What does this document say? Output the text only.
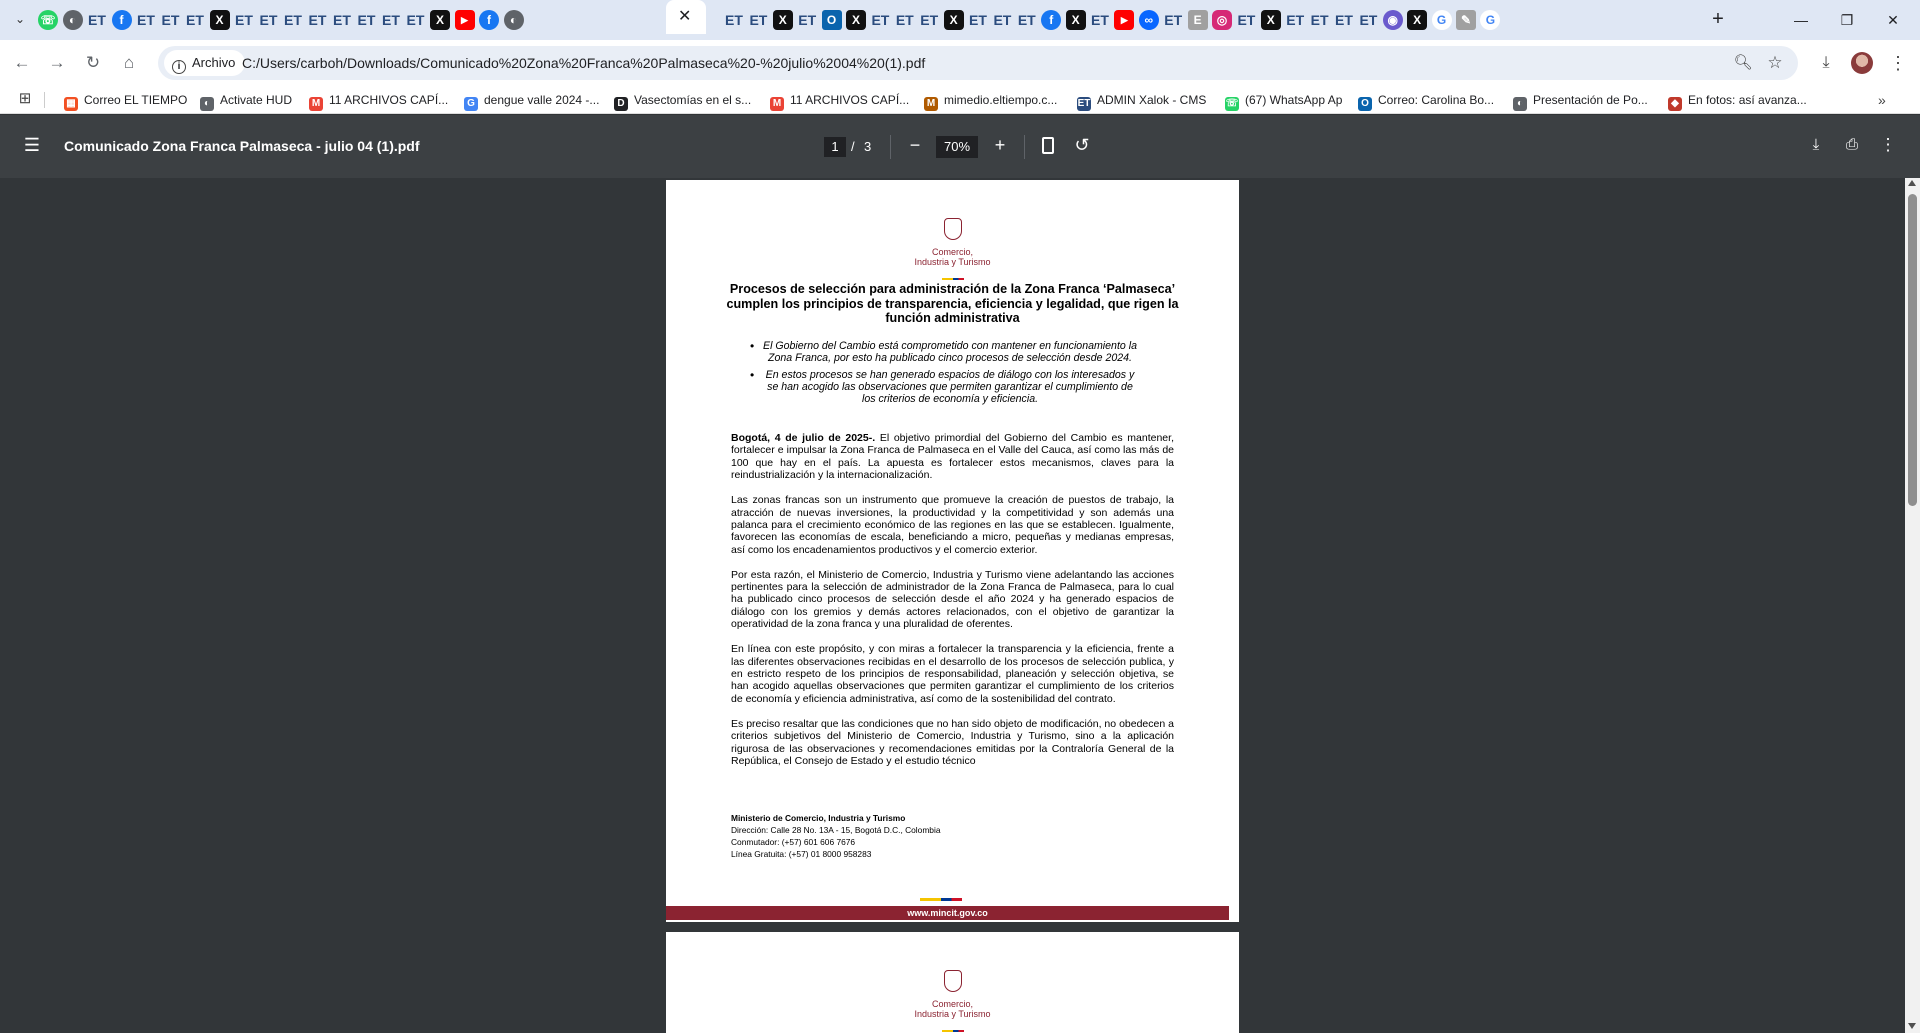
⌄	☏	◐ ET	f ET ET ET X ET ET ET ET ET ET ET ET X	▶	f	◐	ET ET X ET O	X ET ET ET X ET ET ET	f	X ET	▶	∞ ET E	◎ ET X ET ET ET ET ◉	X	G	✎	G
✕	+	—	❐	✕
←	→	↻	⌂	i Archivo C:/Users/carboh/Downloads/Comunicado%20Zona%20Franca%20Palmaseca%20-%20julio%2004%20(1).pdf	🔍︎ ☆	⤓	⋮
⊞	▦ Correo EL TIEMPO	◐ Activate HUD M 11 ARCHIVOS CAPÍ...	G dengue valle 2024 -...	D Vasectomías en el s... M 11 ARCHIVOS CAPÍ... M mimedio.eltiempo.c... ET ADMIN Xalok - CMS ☏ (67) WhatsApp Ap	O Correo: Carolina Bo...	◐ Presentación de Po...	◆ En fotos: así avanza...	»
☰ Comunicado Zona Franca Palmaseca - julio 04 (1).pdf
1	/ 3	−
70%	+	↺	⤓	⎙	⋮
Comercio,
Industria y Turismo
Procesos de selección para administración de la Zona Franca ‘Palmaseca’ cumplen los principios de transparencia, eficiencia y legalidad, que rigen la función administrativa
• El Gobierno del Cambio está comprometido con mantener en funcionamiento la Zona Franca, por esto ha publicado cinco procesos de selección desde 2024.
• En estos procesos se han generado espacios de diálogo con los interesados y se han acogido las observaciones que permiten garantizar el cumplimiento de los criterios de economía y eficiencia.

Bogotá, 4 de julio de 2025-. El objetivo primordial del Gobierno del Cambio es mantener, fortalecer e impulsar la Zona Franca de Palmaseca en el Valle del Cauca, así como las más de 100 que hay en el país. La apuesta es fortalecer estos mecanismos, claves para la reindustrialización y la internacionalización.

Las zonas francas son un instrumento que promueve la creación de puestos de trabajo, la atracción de nuevas inversiones, la productividad y la competitividad y son además una palanca para el crecimiento económico de las regiones en las que se establecen. Igualmente, favorecen las economías de escala, beneficiando a micro, pequeñas y medianas empresas, así como los encadenamientos productivos y el comercio exterior.

Por esta razón, el Ministerio de Comercio, Industria y Turismo viene adelantando las acciones pertinentes para la selección de administrador de la Zona Franca de Palmaseca, para lo cual ha publicado cinco procesos de selección desde el año 2024 y ha generado espacios de diálogo con los gremios y demás actores relacionados, con el objetivo de garantizar la operatividad de la zona franca y una pluralidad de oferentes.

En línea con este propósito, y con miras a fortalecer la transparencia y la eficiencia, frente a las diferentes observaciones recibidas en el desarrollo de los procesos de selección publica, y en estricto respeto de los principios de responsabilidad, planeación y selección objetiva, se han acogido aquellas observaciones que permiten garantizar el cumplimiento de los criterios de economía y eficiencia administrativa, así como de la sostenibilidad del contrato.

Es preciso resaltar que las condiciones que no han sido objeto de modificación, no obedecen a criterios subjetivos del Ministerio de Comercio, Industria y Turismo, sino a la aplicación rigurosa de las observaciones y recomendaciones emitidas por la Contraloría General de la República, el Consejo de Estado y el estudio técnico

Ministerio de Comercio, Industria y Turismo
Dirección: Calle 28 No. 13A - 15, Bogotá D.C., Colombia
Conmutador: (+57) 601 606 7676
Línea Gratuita: (+57) 01 8000 958283
www.mincit.gov.co
Comercio,
Industria y Turismo
